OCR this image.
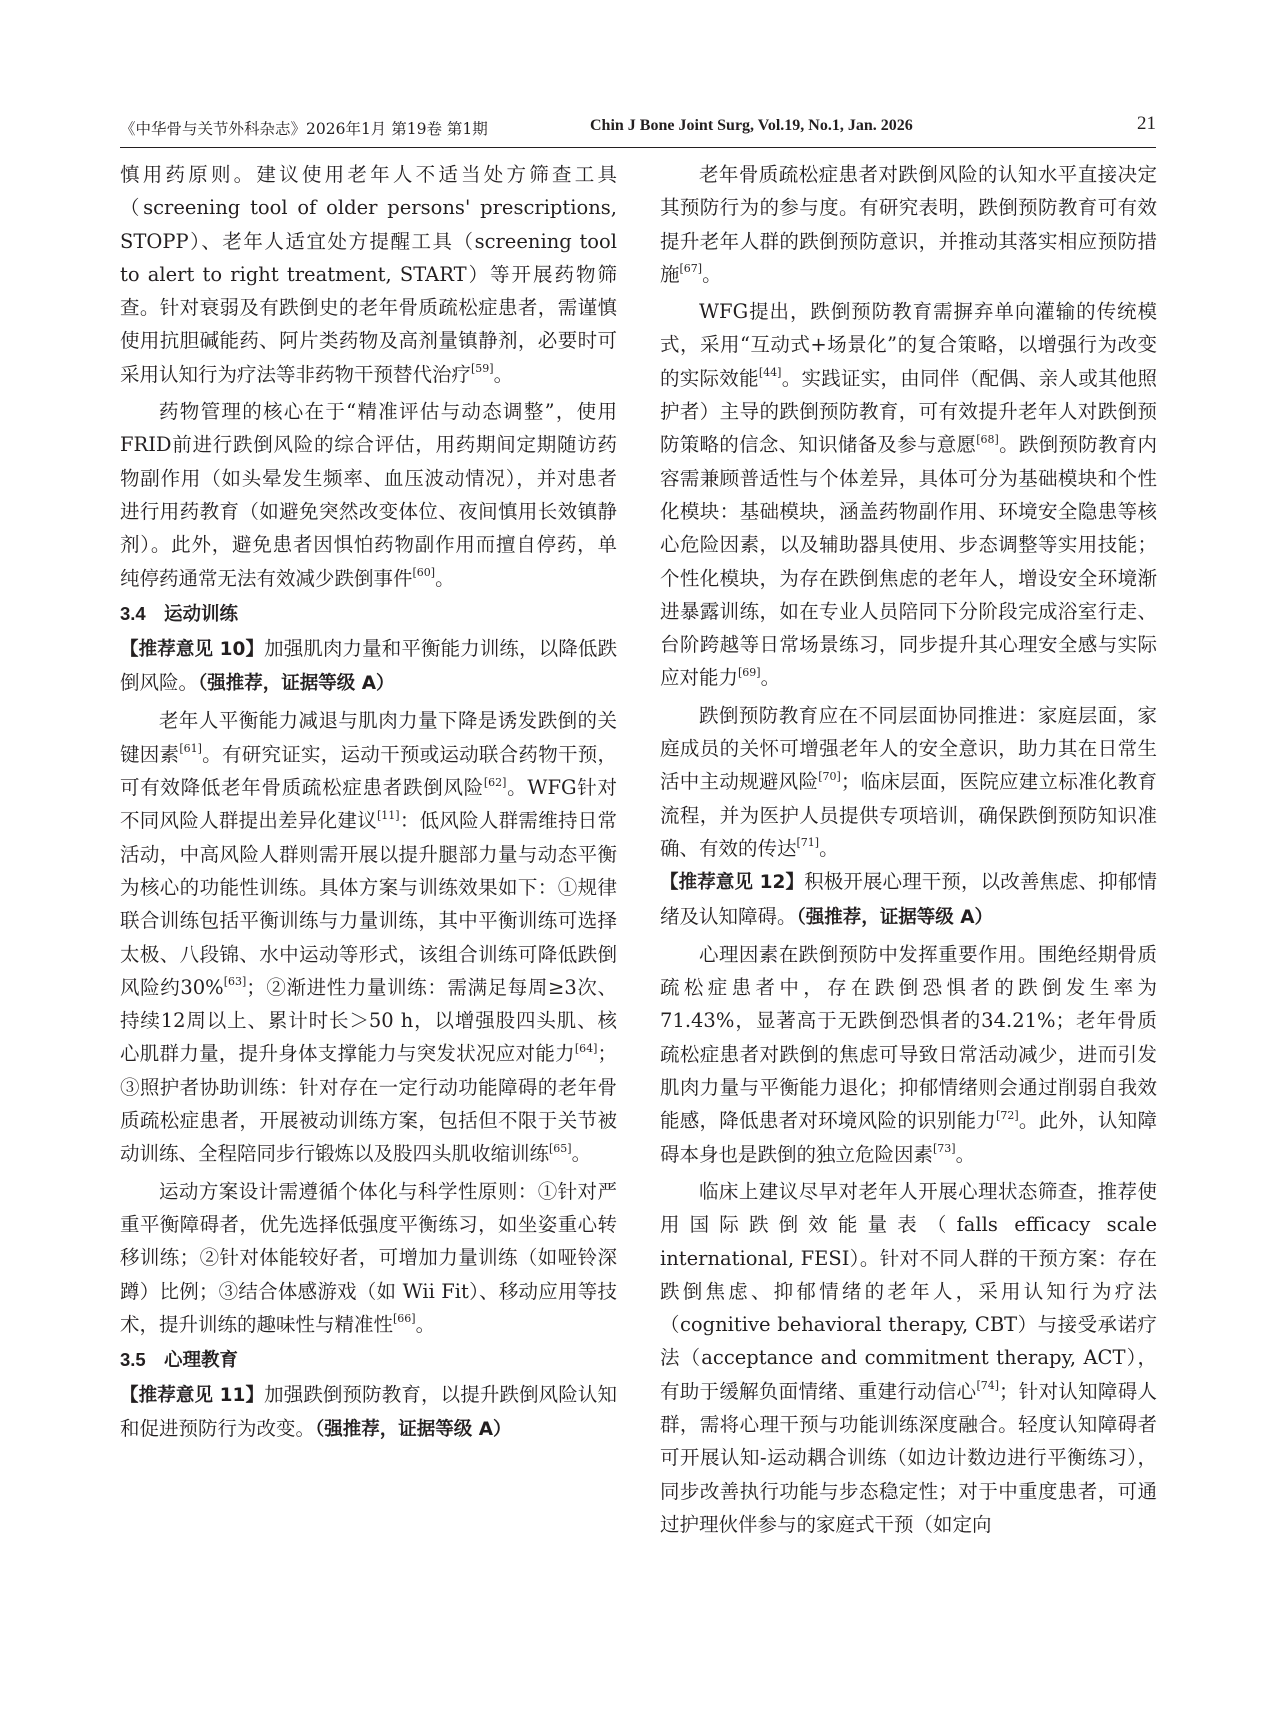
《中华骨与关节外科杂志》2026年1月 第19卷 第1期	Chin J Bone Joint Surg, Vol.19, No.1, Jan. 2026	21

慎用药原则。建议使用老年人不适当处方筛查工具（screening tool of older persons' prescriptions, STOPP）、老年人适宜处方提醒工具（screening tool to alert to right treatment, START）等开展药物筛查。针对衰弱及有跌倒史的老年骨质疏松症患者，需谨慎使用抗胆碱能药、阿片类药物及高剂量镇静剂，必要时可采用认知行为疗法等非药物干预替代治疗[59]。

药物管理的核心在于“精准评估与动态调整”，使用FRID前进行跌倒风险的综合评估，用药期间定期随访药物副作用（如头晕发生频率、血压波动情况），并对患者进行用药教育（如避免突然改变体位、夜间慎用长效镇静剂）。此外，避免患者因惧怕药物副作用而擅自停药，单纯停药通常无法有效减少跌倒事件[60]。

3.4 运动训练

【推荐意见 10】加强肌肉力量和平衡能力训练，以降低跌倒风险。（强推荐，证据等级 A）

老年人平衡能力减退与肌肉力量下降是诱发跌倒的关键因素[61]。有研究证实，运动干预或运动联合药物干预，可有效降低老年骨质疏松症患者跌倒风险[62]。WFG针对不同风险人群提出差异化建议[11]：低风险人群需维持日常活动，中高风险人群则需开展以提升腿部力量与动态平衡为核心的功能性训练。具体方案与训练效果如下：①规律联合训练包括平衡训练与力量训练，其中平衡训练可选择太极、八段锦、水中运动等形式，该组合训练可降低跌倒风险约30%[63]；②渐进性力量训练：需满足每周≥3次、持续12周以上、累计时长＞50 h，以增强股四头肌、核心肌群力量，提升身体支撑能力与突发状况应对能力[64]；③照护者协助训练：针对存在一定行动功能障碍的老年骨质疏松症患者，开展被动训练方案，包括但不限于关节被动训练、全程陪同步行锻炼以及股四头肌收缩训练[65]。

运动方案设计需遵循个体化与科学性原则：①针对严重平衡障碍者，优先选择低强度平衡练习，如坐姿重心转移训练；②针对体能较好者，可增加力量训练（如哑铃深蹲）比例；③结合体感游戏（如 Wii Fit）、移动应用等技术，提升训练的趣味性与精准性[66]。

3.5 心理教育

【推荐意见 11】加强跌倒预防教育，以提升跌倒风险认知和促进预防行为改变。（强推荐，证据等级 A）

老年骨质疏松症患者对跌倒风险的认知水平直接决定其预防行为的参与度。有研究表明，跌倒预防教育可有效提升老年人群的跌倒预防意识，并推动其落实相应预防措施[67]。

WFG提出，跌倒预防教育需摒弃单向灌输的传统模式，采用“互动式+场景化”的复合策略，以增强行为改变的实际效能[44]。实践证实，由同伴（配偶、亲人或其他照护者）主导的跌倒预防教育，可有效提升老年人对跌倒预防策略的信念、知识储备及参与意愿[68]。跌倒预防教育内容需兼顾普适性与个体差异，具体可分为基础模块和个性化模块：基础模块，涵盖药物副作用、环境安全隐患等核心危险因素，以及辅助器具使用、步态调整等实用技能；个性化模块，为存在跌倒焦虑的老年人，增设安全环境渐进暴露训练，如在专业人员陪同下分阶段完成浴室行走、台阶跨越等日常场景练习，同步提升其心理安全感与实际应对能力[69]。

跌倒预防教育应在不同层面协同推进：家庭层面，家庭成员的关怀可增强老年人的安全意识，助力其在日常生活中主动规避风险[70]；临床层面，医院应建立标准化教育流程，并为医护人员提供专项培训，确保跌倒预防知识准确、有效的传达[71]。

【推荐意见 12】积极开展心理干预，以改善焦虑、抑郁情绪及认知障碍。（强推荐，证据等级 A）

心理因素在跌倒预防中发挥重要作用。围绝经期骨质疏松症患者中，存在跌倒恐惧者的跌倒发生率为71.43%，显著高于无跌倒恐惧者的34.21%；老年骨质疏松症患者对跌倒的焦虑可导致日常活动减少，进而引发肌肉力量与平衡能力退化；抑郁情绪则会通过削弱自我效能感，降低患者对环境风险的识别能力[72]。此外，认知障碍本身也是跌倒的独立危险因素[73]。

临床上建议尽早对老年人开展心理状态筛查，推荐使用国际跌倒效能量表（falls efficacy scale international, FESI）。针对不同人群的干预方案：存在跌倒焦虑、抑郁情绪的老年人，采用认知行为疗法（cognitive behavioral therapy, CBT）与接受承诺疗法（acceptance and commitment therapy, ACT），有助于缓解负面情绪、重建行动信心[74]；针对认知障碍人群，需将心理干预与功能训练深度融合。轻度认知障碍者可开展认知-运动耦合训练（如边计数边进行平衡练习），同步改善执行功能与步态稳定性；对于中重度患者，可通过护理伙伴参与的家庭式干预（如定向
